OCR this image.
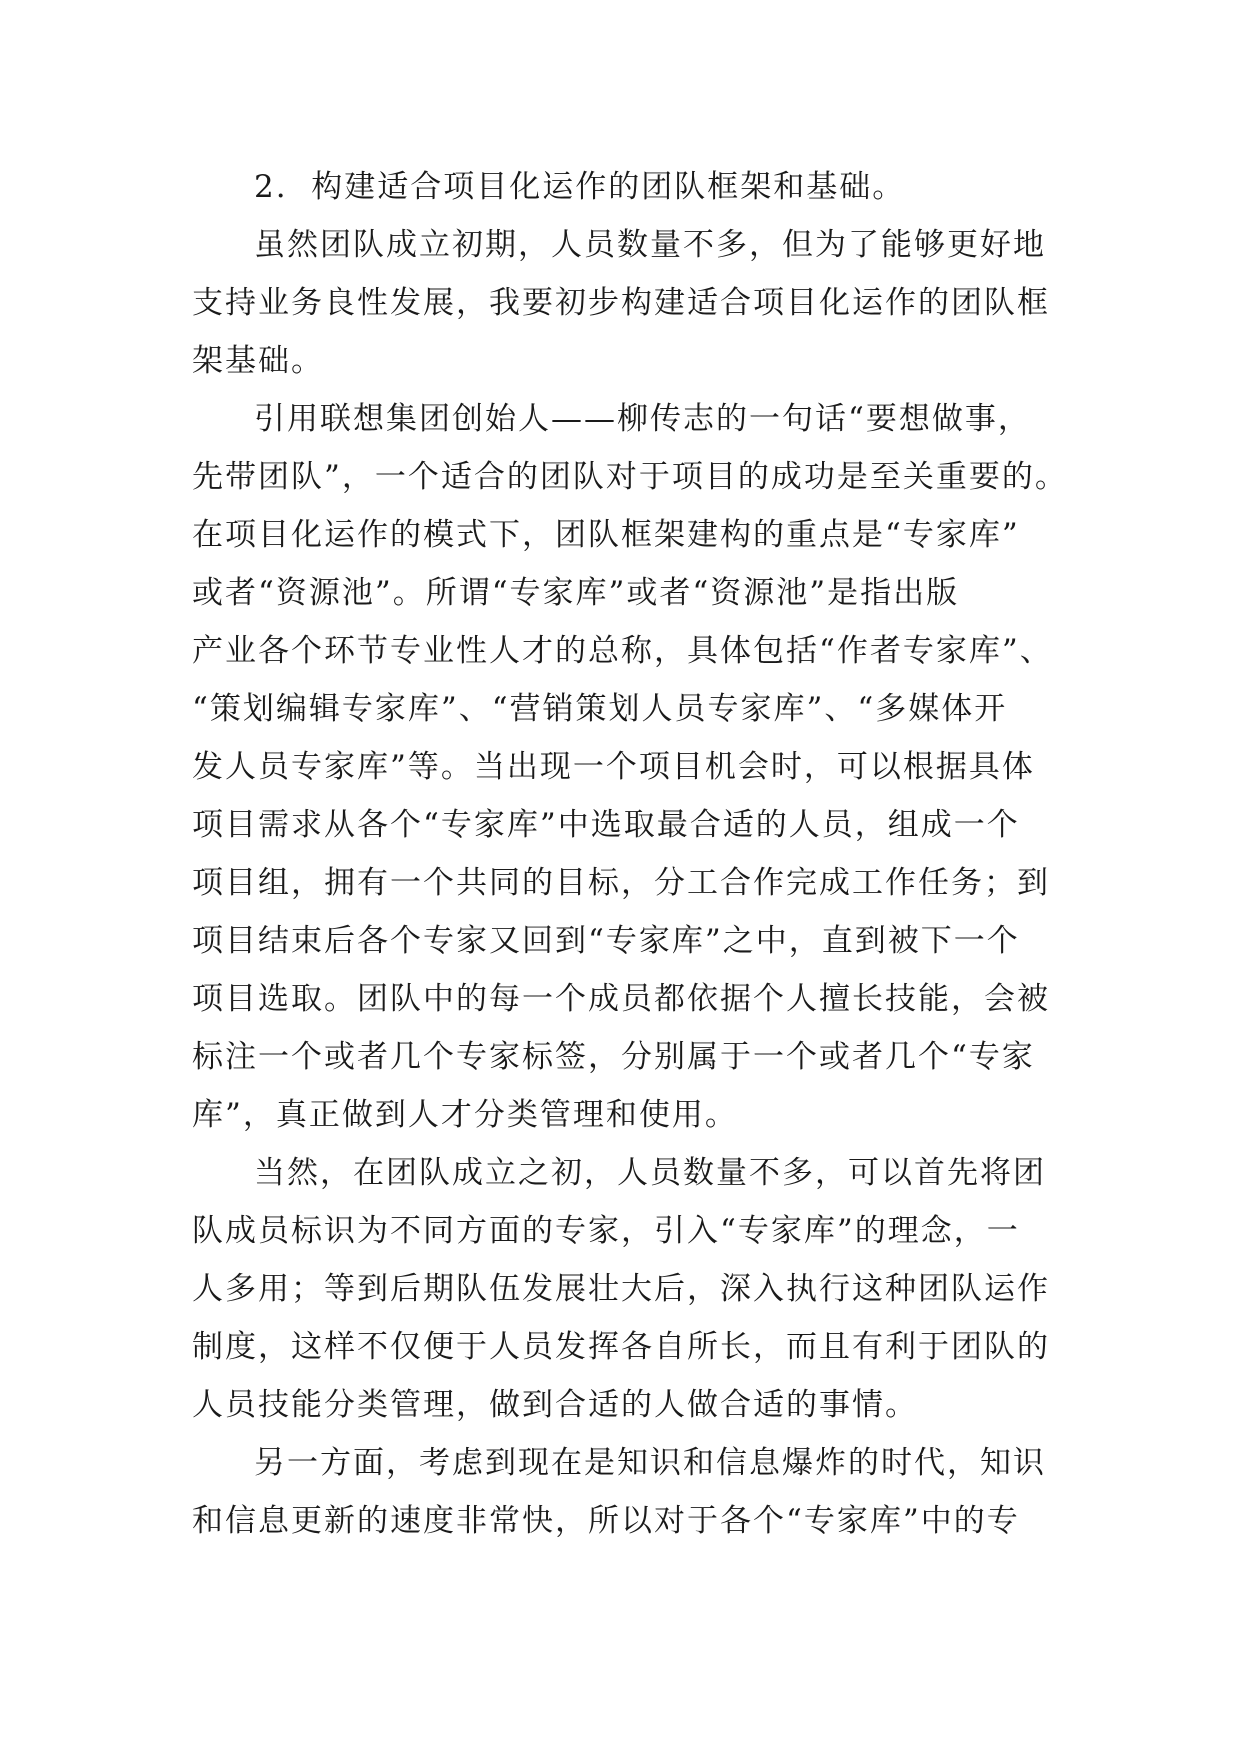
2.  构建适合项目化运作的团队框架和基础。
虽然团队成立初期，人员数量不多，但为了能够更好地
支持业务良性发展，我要初步构建适合项目化运作的团队框
架基础。
引用联想集团创始人——柳传志的一句话“要想做事，
先带团队”，一个适合的团队对于项目的成功是至关重要的。
在项目化运作的模式下，团队框架建构的重点是“专家库”
或者“资源池”。所谓“专家库”或者“资源池”是指出版
产业各个环节专业性人才的总称，具体包括“作者专家库”、
“策划编辑专家库”、“营销策划人员专家库”、“多媒体开
发人员专家库”等。当出现一个项目机会时，可以根据具体
项目需求从各个“专家库”中选取最合适的人员，组成一个
项目组，拥有一个共同的目标，分工合作完成工作任务；到
项目结束后各个专家又回到“专家库”之中，直到被下一个
项目选取。团队中的每一个成员都依据个人擅长技能，会被
标注一个或者几个专家标签，分别属于一个或者几个“专家
库”，真正做到人才分类管理和使用。
当然，在团队成立之初，人员数量不多，可以首先将团
队成员标识为不同方面的专家，引入“专家库”的理念，一
人多用；等到后期队伍发展壮大后，深入执行这种团队运作
制度，这样不仅便于人员发挥各自所长，而且有利于团队的
人员技能分类管理，做到合适的人做合适的事情。
另一方面，考虑到现在是知识和信息爆炸的时代，知识
和信息更新的速度非常快，所以对于各个“专家库”中的专
